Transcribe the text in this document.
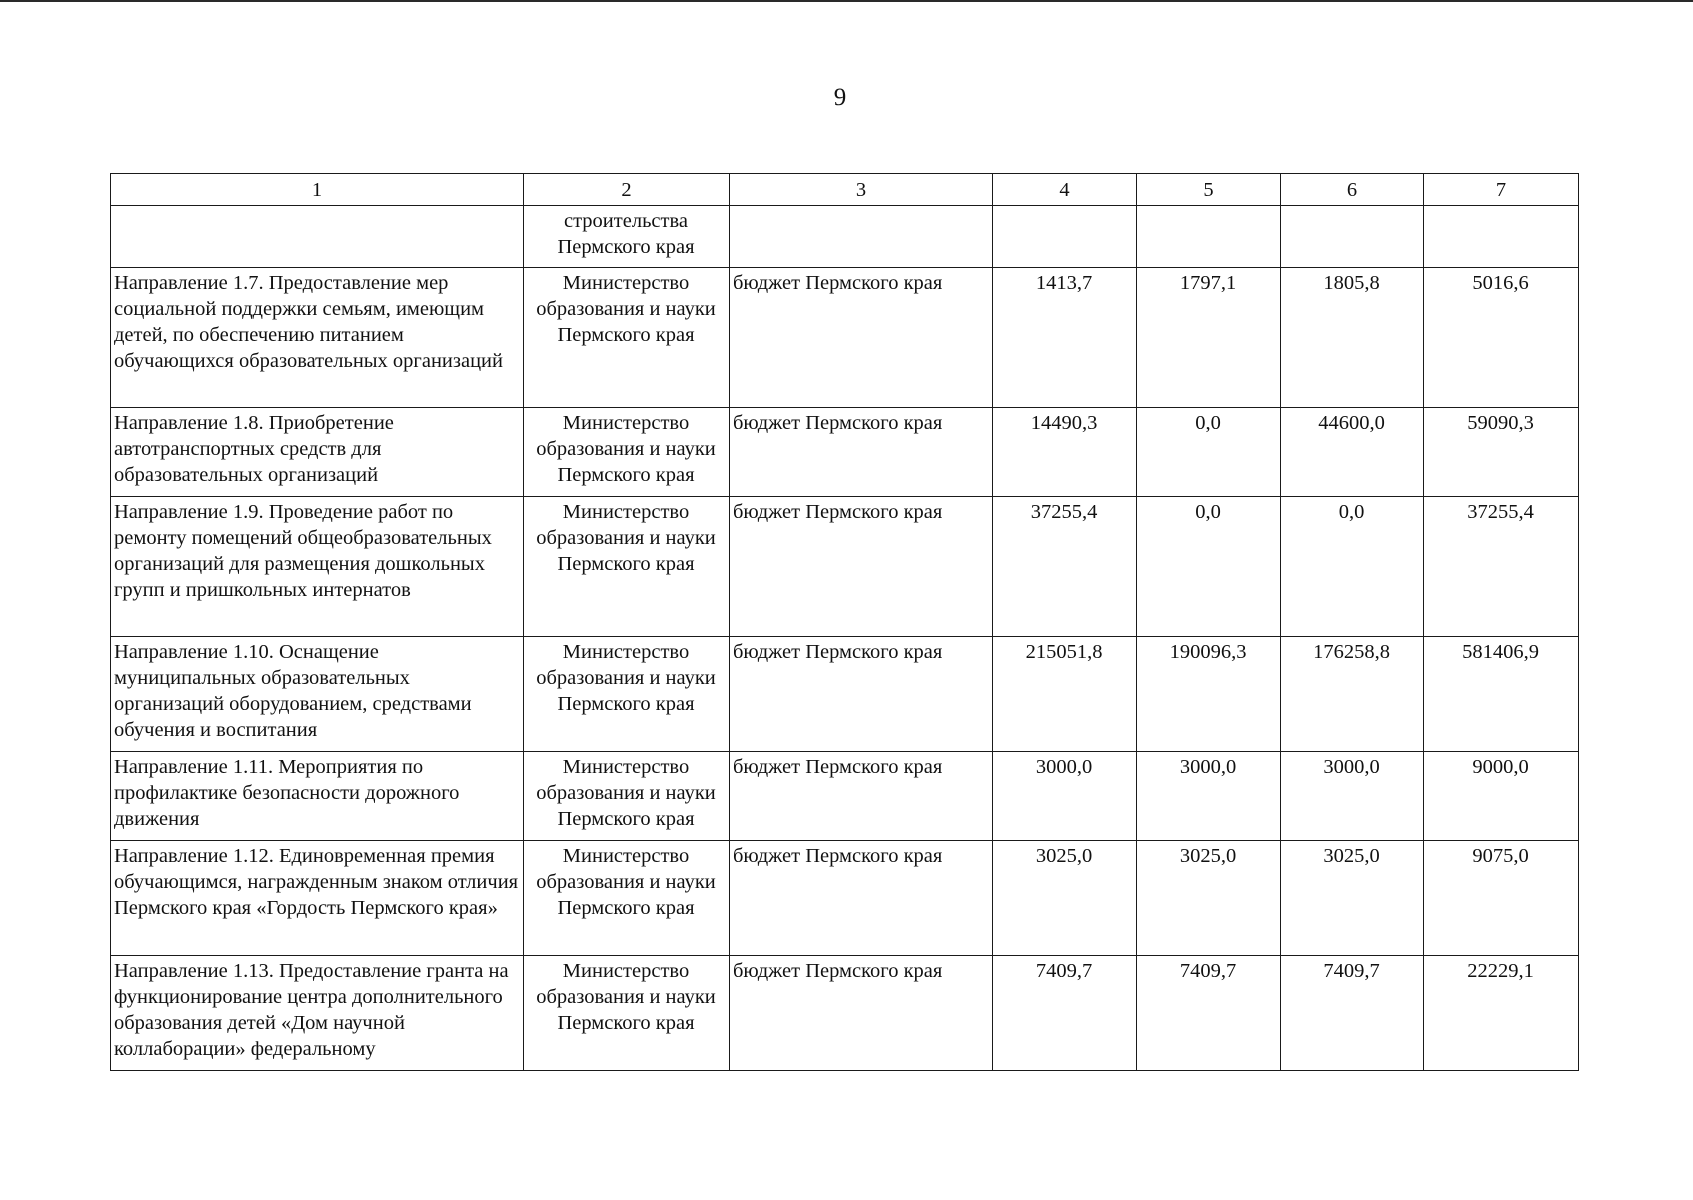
9
1	2	3	4	5	6	7
	строительства Пермского края					
Направление 1.7. Предоставление мер социальной поддержки семьям, имеющим детей, по обеспечению питанием обучающихся образовательных организаций	Министерство образования и науки Пермского края	бюджет Пермского края	1413,7	1797,1	1805,8	5016,6
Направление 1.8. Приобретение автотранспортных средств для образовательных организаций	Министерство образования и науки Пермского края	бюджет Пермского края	14490,3	0,0	44600,0	59090,3
Направление 1.9. Проведение работ по ремонту помещений общеобразовательных организаций для размещения дошкольных групп и пришкольных интернатов	Министерство образования и науки Пермского края	бюджет Пермского края	37255,4	0,0	0,0	37255,4
Направление 1.10. Оснащение муниципальных образовательных организаций оборудованием, средствами обучения и воспитания	Министерство образования и науки Пермского края	бюджет Пермского края	215051,8	190096,3	176258,8	581406,9
Направление 1.11. Мероприятия по профилактике безопасности дорожного движения	Министерство образования и науки Пермского края	бюджет Пермского края	3000,0	3000,0	3000,0	9000,0
Направление 1.12. Единовременная премия обучающимся, награжденным знаком отличия Пермского края «Гордость Пермского края»	Министерство образования и науки Пермского края	бюджет Пермского края	3025,0	3025,0	3025,0	9075,0
Направление 1.13. Предоставление гранта на функционирование центра дополнительного образования детей «Дом научной коллаборации» федеральному	Министерство образования и науки Пермского края	бюджет Пермского края	7409,7	7409,7	7409,7	22229,1
